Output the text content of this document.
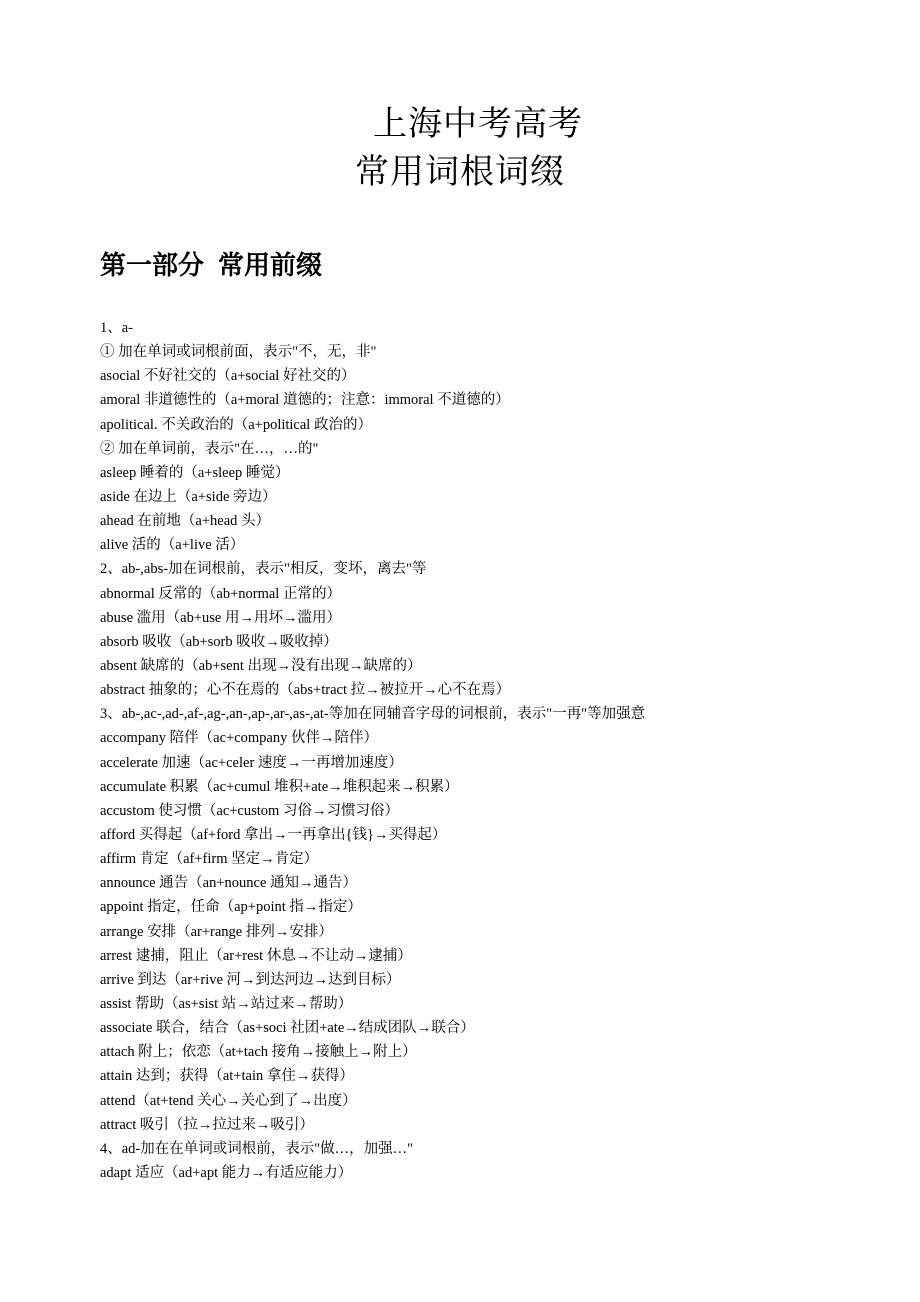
上海中考高考
常用词根词缀
第一部分 常用前缀
1、a-
① 加在单词或词根前面，表示"不，无，非"
asocial 不好社交的（a+social 好社交的）
amoral 非道德性的（a+moral 道德的；注意：immoral 不道德的）
apolitical. 不关政治的（a+political 政治的）
② 加在单词前，表示"在…，…的"
asleep 睡着的（a+sleep 睡觉）
aside 在边上（a+side 旁边）
ahead 在前地（a+head 头）
alive 活的（a+live 活）
2、ab-,abs-加在词根前，表示"相反，变坏，离去"等
abnormal 反常的（ab+normal 正常的）
abuse 滥用（ab+use 用→用坏→滥用）
absorb 吸收（ab+sorb 吸收→吸收掉）
absent 缺席的（ab+sent 出现→没有出现→缺席的）
abstract 抽象的；心不在焉的（abs+tract 拉→被拉开→心不在焉）
3、ab-,ac-,ad-,af-,ag-,an-,ap-,ar-,as-,at-等加在同辅音字母的词根前，表示"一再"等加强意
accompany 陪伴（ac+company 伙伴→陪伴）
accelerate 加速（ac+celer 速度→一再增加速度）
accumulate 积累（ac+cumul 堆积+ate→堆积起来→积累）
accustom 使习惯（ac+custom 习俗→习惯习俗）
afford 买得起（af+ford 拿出→一再拿出{钱}→买得起）
affirm 肯定（af+firm 坚定→肯定）
announce 通告（an+nounce 通知→通告）
appoint 指定，任命（ap+point 指→指定）
arrange 安排（ar+range 排列→安排）
arrest 逮捕，阻止（ar+rest 休息→不让动→逮捕）
arrive 到达（ar+rive 河→到达河边→达到目标）
assist 帮助（as+sist 站→站过来→帮助）
associate 联合，结合（as+soci 社团+ate→结成团队→联合）
attach 附上；依恋（at+tach 接角→接触上→附上）
attain 达到；获得（at+tain 拿住→获得）
attend（at+tend 关心→关心到了→出度）
attract 吸引（拉→拉过来→吸引）
4、ad-加在在单词或词根前，表示"做…，加强…"
adapt 适应（ad+apt 能力→有适应能力）
